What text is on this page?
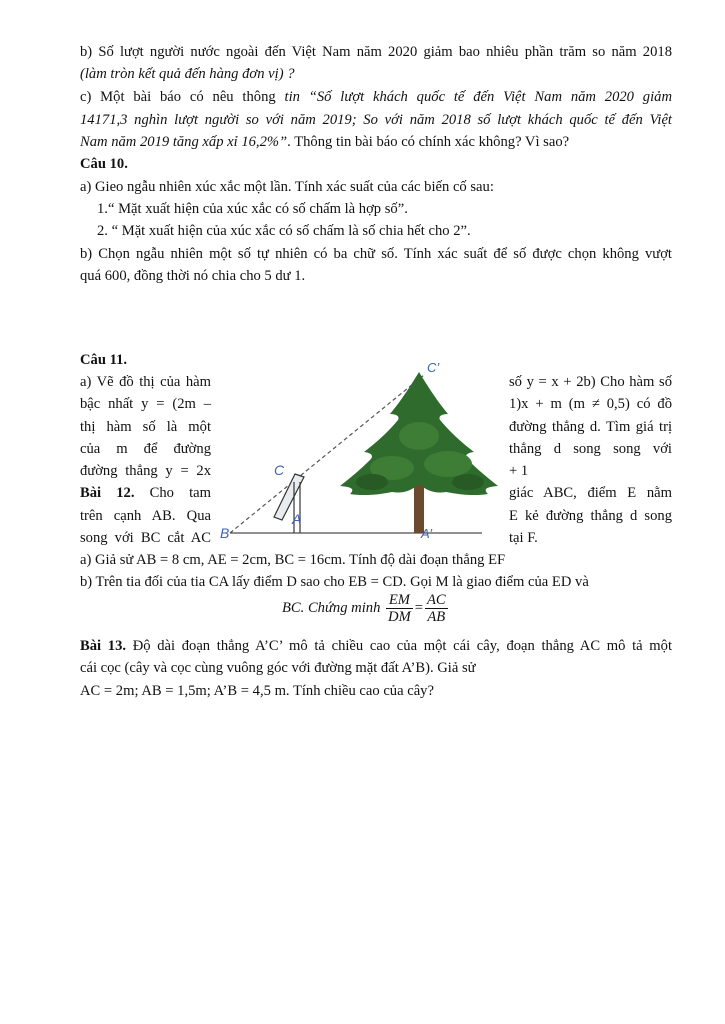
b) Số lượt người nước ngoài đến Việt Nam năm 2020 giảm bao nhiêu phần trăm so năm 2018
(làm tròn kết quả đến hàng đơn vị) ?
c) Một bài báo có nêu thông tin “Số lượt khách quốc tế đến Việt Nam năm 2020 giảm
14171,3 nghìn lượt người so với năm 2019; So với năm 2018 số lượt khách quốc tế đến Việt
Nam năm 2019 tăng xấp xỉ 16,2%”. Thông tin bài báo có chính xác không? Vì sao?
Câu 10.
a) Gieo ngẫu nhiên xúc xắc một lần. Tính xác suất của các biến cố sau:
1.“ Mặt xuất hiện của xúc xắc có số chấm là hợp số”.
2. “ Mặt xuất hiện của xúc xắc có số chấm là số chia hết cho 2”.
b) Chọn ngẫu nhiên một số tự nhiên có ba chữ số. Tính xác suất để số được chọn không vượt
quá 600, đồng thời nó chia cho 5 dư 1.
Câu 11.
a) Vẽ đồ thị của hàm
bậc nhất y = (2m –
thị hàm số là một
của m để đường
đường thẳng y = 2x
số y = x + 2b) Cho hàm số
1)x + m (m ≠ 0,5) có đồ
đường thẳng d. Tìm giá trị
thẳng d song song với
+ 1
Bài 12. Cho tam
trên cạnh AB. Qua
song với BC cắt AC
giác ABC, điểm E nằm
E kẻ đường thẳng d song
tại F.
C’
C
B
A
A’
a) Giả sử AB = 8 cm, AE = 2cm, BC = 16cm. Tính độ dài đoạn thẳng EF
b) Trên tia đối của tia CA lấy điểm D sao cho EB = CD. Gọi M là giao điểm của ED và
BC. Chứng minh $\frac{EM}{DM} = \frac{AC}{AB}$
Bài 13. Độ dài đoạn thẳng A’C’ mô tả chiều cao của một cái cây, đoạn thẳng AC mô tả một
cái cọc (cây và cọc cùng vuông góc với đường mặt đất A’B). Giả sử
AC = 2m; AB = 1,5m; A’B = 4,5 m. Tính chiều cao của cây?
